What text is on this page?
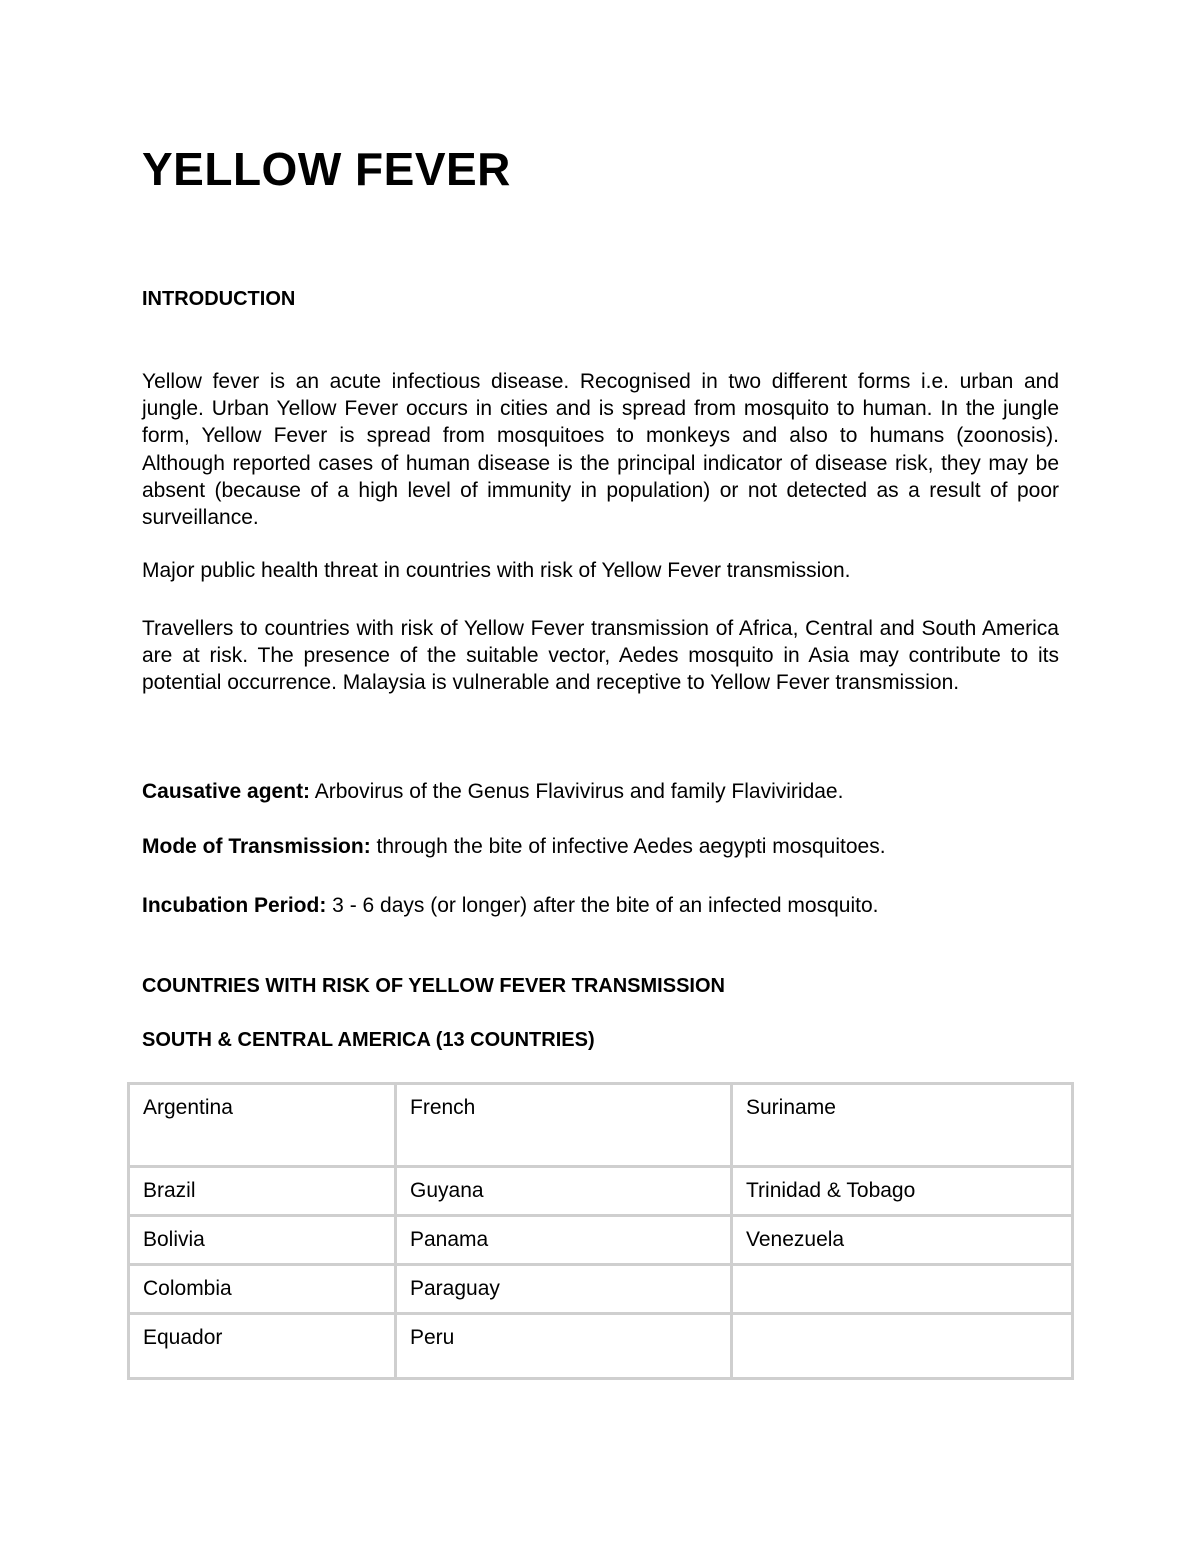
YELLOW FEVER
INTRODUCTION

Yellow fever is an acute infectious disease. Recognised in two different forms i.e. urban and jungle. Urban Yellow Fever occurs in cities and is spread from mosquito to human. In the jungle form, Yellow Fever is spread from mosquitoes to monkeys and also to humans (zoonosis). Although reported cases of human disease is the principal indicator of disease risk, they may be absent (because of a high level of immunity in population) or not detected as a result of poor surveillance.

Major public health threat in countries with risk of Yellow Fever transmission.

Travellers to countries with risk of Yellow Fever transmission of Africa, Central and South America are at risk. The presence of the suitable vector, Aedes mosquito in Asia may contribute to its potential occurrence. Malaysia is vulnerable and receptive to Yellow Fever transmission.

Causative agent: Arbovirus of the Genus Flavivirus and family Flaviviridae.

Mode of Transmission: through the bite of infective Aedes aegypti mosquitoes.

Incubation Period: 3 - 6 days (or longer) after the bite of an infected mosquito.

COUNTRIES WITH RISK OF YELLOW FEVER TRANSMISSION
SOUTH & CENTRAL AMERICA (13 COUNTRIES)
Argentina	French	Suriname
Brazil	Guyana	Trinidad & Tobago
Bolivia	Panama	Venezuela
Colombia	Paraguay	
Equador	Peru	
